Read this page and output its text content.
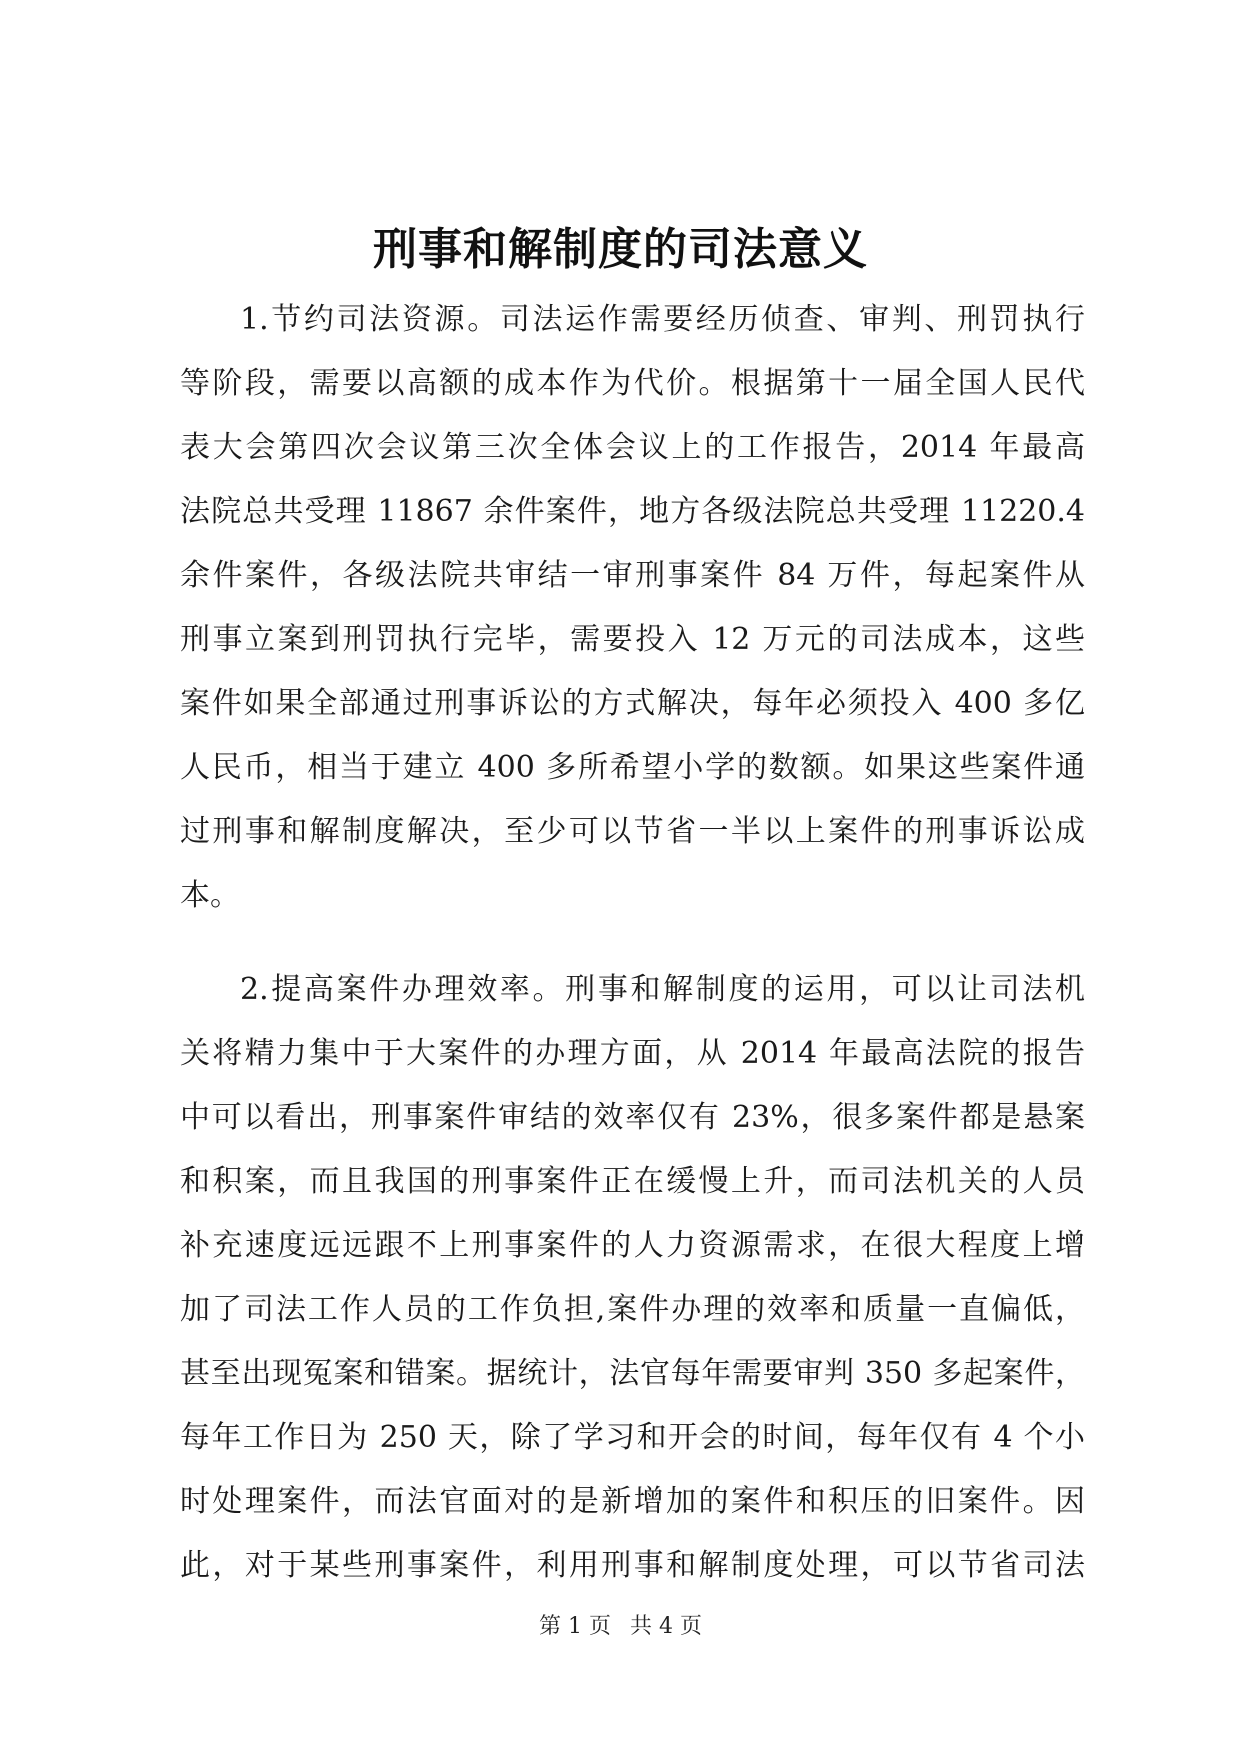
刑事和解制度的司法意义
1.节约司法资源。司法运作需要经历侦查、审判、刑罚执行
等阶段，需要以高额的成本作为代价。根据第十一届全国人民代
表大会第四次会议第三次全体会议上的工作报告，2014 年最高
法院总共受理 11867 余件案件，地方各级法院总共受理 11220.4
余件案件，各级法院共审结一审刑事案件 84 万件，每起案件从
刑事立案到刑罚执行完毕，需要投入 12 万元的司法成本，这些
案件如果全部通过刑事诉讼的方式解决，每年必须投入 400 多亿
人民币，相当于建立 400 多所希望小学的数额。如果这些案件通
过刑事和解制度解决，至少可以节省一半以上案件的刑事诉讼成
本。
2.提高案件办理效率。刑事和解制度的运用，可以让司法机
关将精力集中于大案件的办理方面，从 2014 年最高法院的报告
中可以看出，刑事案件审结的效率仅有 23%，很多案件都是悬案
和积案，而且我国的刑事案件正在缓慢上升，而司法机关的人员
补充速度远远跟不上刑事案件的人力资源需求，在很大程度上增
加了司法工作人员的工作负担,案件办理的效率和质量一直偏低，
甚至出现冤案和错案。据统计，法官每年需要审判 350 多起案件，
每年工作日为 250 天，除了学习和开会的时间，每年仅有 4 个小
时处理案件，而法官面对的是新增加的案件和积压的旧案件。因
此，对于某些刑事案件，利用刑事和解制度处理，可以节省司法
第 1 页 共 4 页
